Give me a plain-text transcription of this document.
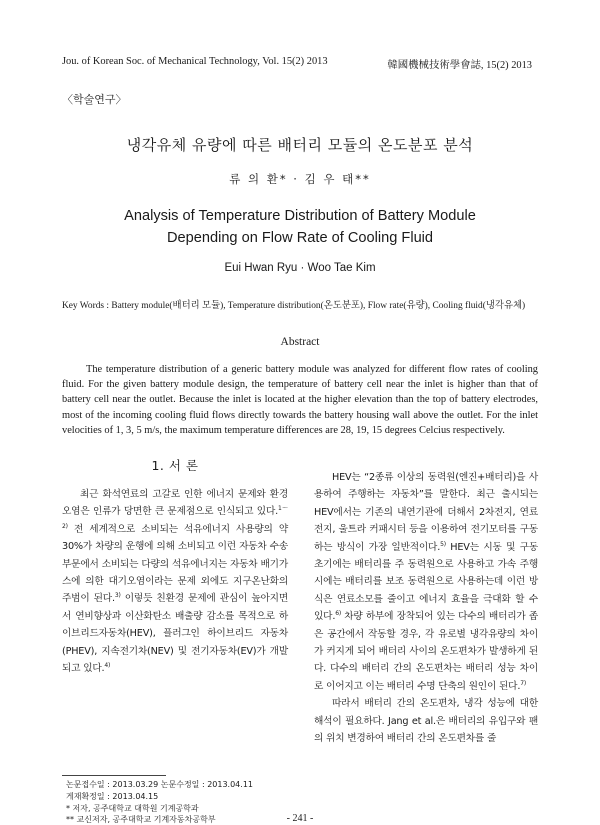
Jou. of Korean Soc. of Mechanical Technology, Vol. 15(2) 2013	韓國機械技術學會誌, 15(2) 2013
〈학술연구〉
냉각유체 유량에 따른 배터리 모듈의 온도분포 분석
류 의 환* · 김 우 태**
Analysis of Temperature Distribution of Battery Module
Depending on Flow Rate of Cooling Fluid
Eui Hwan Ryu · Woo Tae Kim
Key Words : Battery module(배터리 모듈), Temperature distribution(온도분포), Flow rate(유량), Cooling fluid(냉각유체)
Abstract
The temperature distribution of a generic battery module was analyzed for different flow rates of cooling fluid. For the given battery module design, the temperature of battery cell near the inlet is higher than that of battery cell near the outlet. Because the inlet is located at the higher elevation than the top of battery electrodes, most of the incoming cooling fluid flows directly towards the battery housing wall above the outlet. For the inlet velocities of 1, 3, 5 m/s, the maximum temperature differences are 28, 19, 15 degrees Celcius respectively.
1. 서 론

최근 화석연료의 고갈로 인한 에너지 문제와 환경오염은 인류가 당면한 큰 문제점으로 인식되고 있다.$^{1\sim 2)}$ 전 세계적으로 소비되는 석유에너지 사용량의 약 30%가 차량의 운행에 의해 소비되고 이런 자동차 수송 부문에서 소비되는 다량의 석유에너지는 자동차 배기가스에 의한 대기오염이라는 문제 외에도 지구온난화의 주범이 된다.$^{3)}$ 이렇듯 친환경 문제에 관심이 높아지면서 연비향상과 이산화탄소 배출량 감소를 목적으로 하이브리드자동차(HEV), 플러그인 하이브리드 자동차(PHEV), 지속전기차(NEV) 및 전기자동차(EV)가 개발되고 있다.$^{4)}$

HEV는 “2종류 이상의 동력원(엔진+배터리)을 사용하여 주행하는 자동차”를 말한다. 최근 출시되는 HEV에서는 기존의 내연기관에 더해서 2차전지, 연료전지, 울트라 커패시터 등을 이용하여 전기모터를 구동하는 방식이 가장 일반적이다.$^{5)}$ HEV는 시동 및 구동 초기에는 배터리를 주 동력원으로 사용하고 가속 주행 시에는 배터리를 보조 동력원으로 사용하는데 이런 방식은 연료소모를 줄이고 에너지 효율을 극대화 할 수 있다.$^{6)}$ 차량 하부에 장착되어 있는 다수의 배터리가 좁은 공간에서 작동할 경우, 각 유로별 냉각유량의 차이가 커지게 되어 배터리 사이의 온도편차가 발생하게 된다. 다수의 배터리 간의 온도편차는 배터리 성능 차이로 이어지고 이는 배터리 수명 단축의 원인이 된다.$^{7)}$

따라서 배터리 간의 온도편차, 냉각 성능에 대한 해석이 필요하다. Jang et al.은 배터리의 유입구와 팬의 위치 변경하여 배터리 간의 온도편차를 줄

논문접수일 : 2013.03.29 논문수정일 : 2013.04.11
게재확정일 : 2013.04.15
* 저자, 공주대학교 대학원 기계공학과
** 교신저자, 공주대학교 기계자동차공학부	- 241 -
